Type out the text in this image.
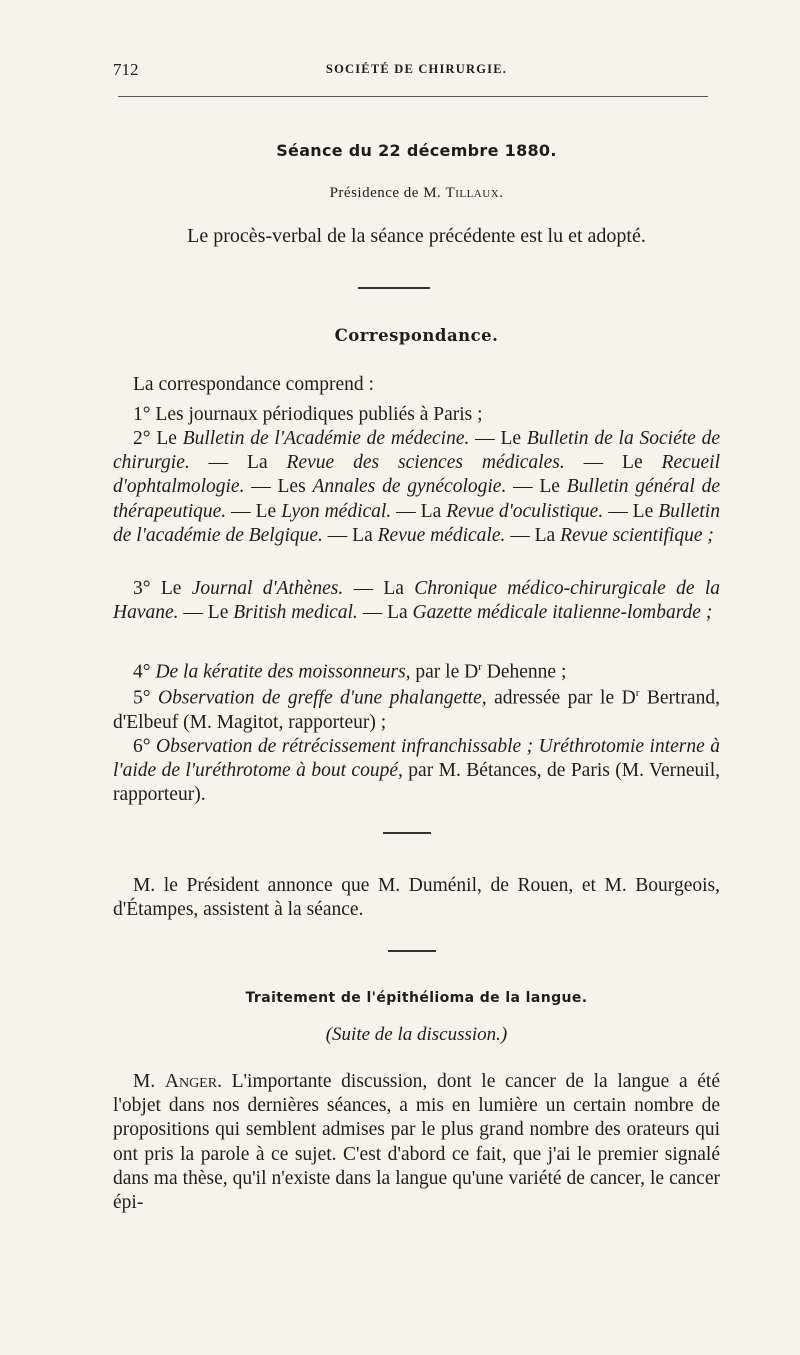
712	SOCIÉTÉ DE CHIRURGIE.
Séance du 22 décembre 1880.
Présidence de M. Tillaux.
Le procès-verbal de la séance précédente est lu et adopté.
Correspondance.
La correspondance comprend :
1° Les journaux périodiques publiés à Paris ;
2° Le Bulletin de l'Académie de médecine. — Le Bulletin de la Sociéte de chirurgie. — La Revue des sciences médicales. — Le Recueil d'ophtalmologie. — Les Annales de gynécologie. — Le Bulletin général de thérapeutique. — Le Lyon médical. — La Revue d'oculistique. — Le Bulletin de l'académie de Belgique. — La Revue médicale. — La Revue scientifique ;
3° Le Journal d'Athènes. — La Chronique médico-chirurgicale de la Havane. — Le British medical. — La Gazette médicale italienne-lombarde ;
4° De la kératite des moissonneurs, par le $D^r$ Dehenne ;
5° Observation de greffe d'une phalangette, adressée par le $D^r$ Bertrand, d'Elbeuf (M. Magitot, rapporteur) ;
6° Observation de rétrécissement infranchissable ; Uréthrotomie interne à l'aide de l'uréthrotome à bout coupé, par M. Bétances, de Paris (M. Verneuil, rapporteur).
M. le Président annonce que M. Duménil, de Rouen, et M. Bourgeois, d'Étampes, assistent à la séance.
Traitement de l'épithélioma de la langue.
(Suite de la discussion.)
M. Anger. L'importante discussion, dont le cancer de la langue a été l'objet dans nos dernières séances, a mis en lumière un certain nombre de propositions qui semblent admises par le plus grand nombre des orateurs qui ont pris la parole à ce sujet. C'est d'abord ce fait, que j'ai le premier signalé dans ma thèse, qu'il n'existe dans la langue qu'une variété de cancer, le cancer épi-
